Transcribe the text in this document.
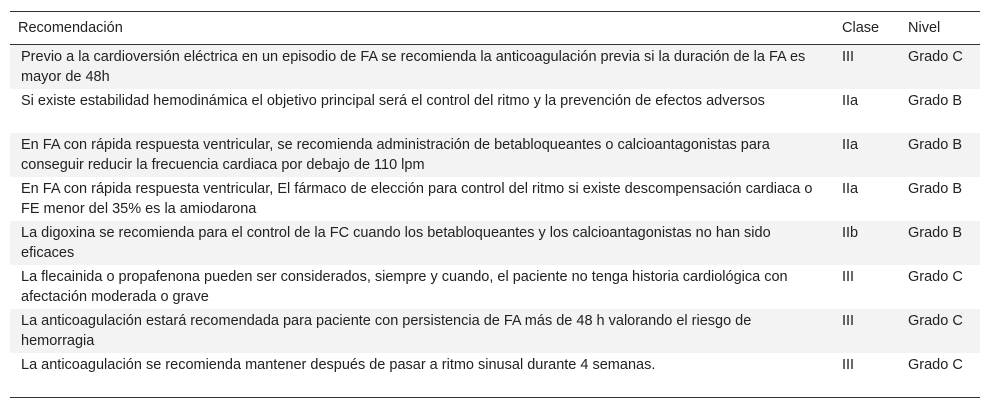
Recomendación	Clase	Nivel
Previo a la cardioversión eléctrica en un episodio de FA se recomienda la anticoagulación previa si la duración de la FA es mayor de 48h	III	Grado C
Si existe estabilidad hemodinámica el objetivo principal será el control del ritmo y la prevención de efectos adversos	IIa	Grado B
En FA con rápida respuesta ventricular, se recomienda administración de betabloqueantes o calcioantagonistas para conseguir reducir la frecuencia cardiaca por debajo de 110 lpm	IIa	Grado B
En FA con rápida respuesta ventricular, El fármaco de elección para control del ritmo si existe descompensación cardiaca o FE menor del 35% es la amiodarona	IIa	Grado B
La digoxina se recomienda para el control de la FC cuando los betabloqueantes y los calcioantagonistas no han sido eficaces	IIb	Grado B
La flecainida o propafenona pueden ser considerados, siempre y cuando, el paciente no tenga historia cardiológica con afectación moderada o grave	III	Grado C
La anticoagulación estará recomendada para paciente con persistencia de FA más de 48 h valorando el riesgo de hemorragia	III	Grado C
La anticoagulación se recomienda mantener después de pasar a ritmo sinusal durante 4 semanas.	III	Grado C
